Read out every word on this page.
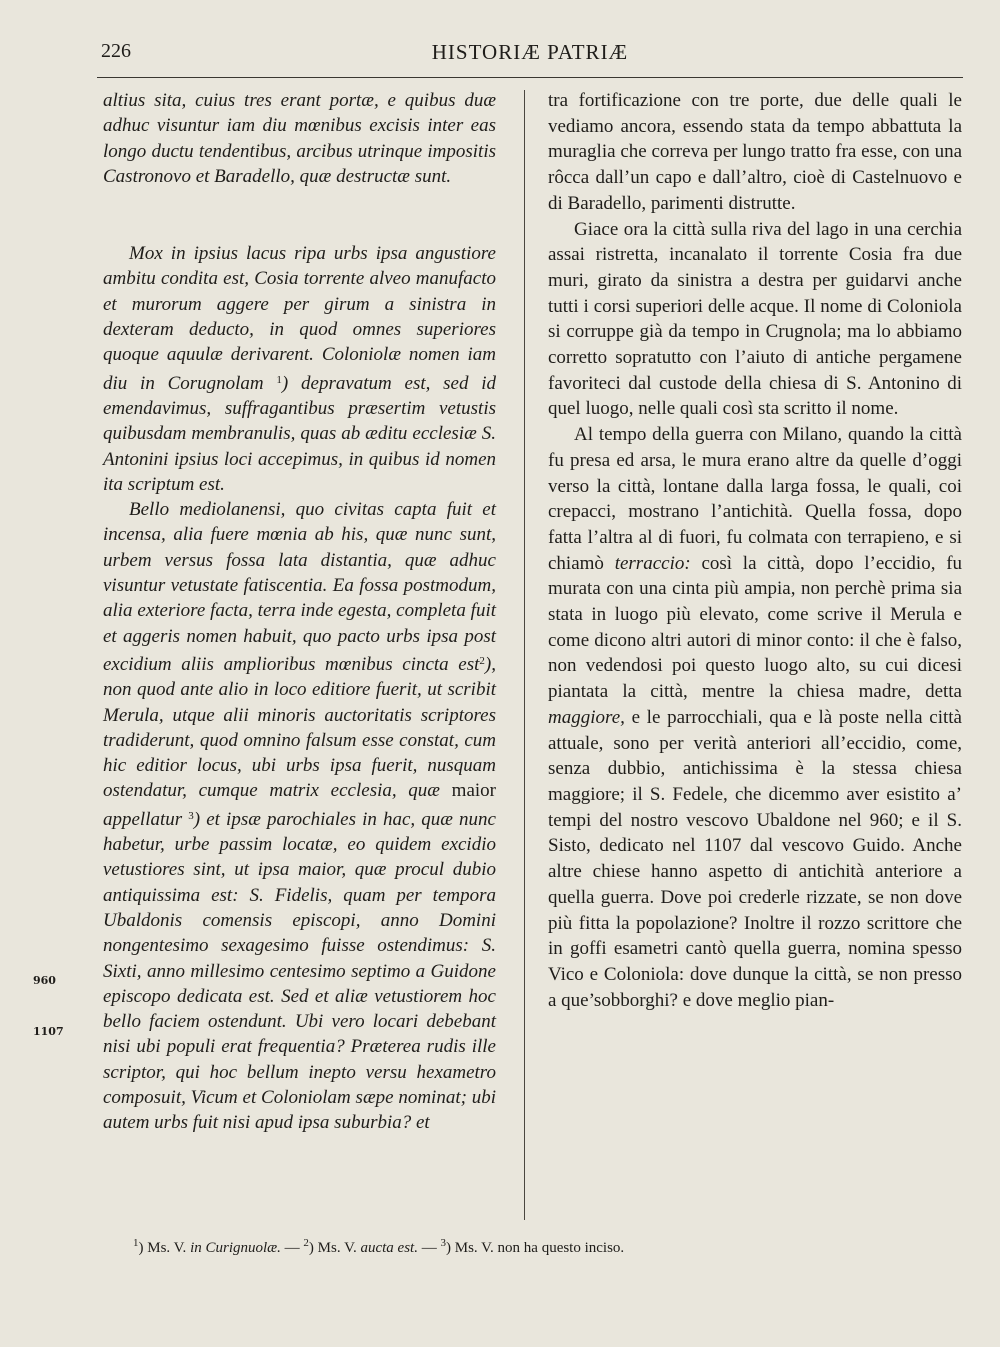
226	HISTORIÆ PATRIÆ

altius sita, cuius tres erant portæ, e quibus duæ adhuc visuntur iam diu mœnibus excisis inter eas longo ductu tendentibus, arcibus utrinque impositis Castronovo et Baradello, quæ destructæ sunt.

Mox in ipsius lacus ripa urbs ipsa angustiore ambitu condita est, Cosia torrente alveo manufacto et murorum aggere per girum a sinistra in dexteram deducto, in quod omnes superiores quoque aquulæ derivarent. Coloniolæ nomen iam diu in Corugnolam $^1$) depravatum est, sed id emendavimus, suffragantibus præsertim vetustis quibusdam membranulis, quas ab æditu ecclesiæ S. Antonini ipsius loci accepimus, in quibus id nomen ita scriptum est.

Bello mediolanensi, quo civitas capta fuit et incensa, alia fuere mœnia ab his, quæ nunc sunt, urbem versus fossa lata distantia, quæ adhuc visuntur vetustate fatiscentia. Ea fossa postmodum, alia exteriore facta, terra inde egesta, completa fuit et aggeris nomen habuit, quo pacto urbs ipsa post excidium aliis amplioribus mœnibus cincta est$^2$), non quod ante alio in loco editiore fuerit, ut scribit Merula, utque alii minoris auctoritatis scriptores tradiderunt, quod omnino falsum esse constat, cum hic editior locus, ubi urbs ipsa fuerit, nusquam ostendatur, cumque matrix ecclesia, quæ maior appellatur $^3$) et ipsæ parochiales in hac, quæ nunc habetur, urbe passim locatæ, eo quidem excidio vetustiores sint, ut ipsa maior, quæ procul dubio antiquissima est: S. Fidelis, quam per tempora Ubaldonis comensis episcopi, anno Domini nongentesimo sexagesimo fuisse ostendimus: S. Sixti, anno millesimo centesimo septimo a Guidone episcopo dedicata est. Sed et aliæ vetustiorem hoc bello faciem ostendunt. Ubi vero locari debebant nisi ubi populi erat frequentia? Præterea rudis ille scriptor, qui hoc bellum inepto versu hexametro composuit, Vicum et Coloniolam sæpe nominat; ubi autem urbs fuit nisi apud ipsa suburbia? et

960
1107

tra fortificazione con tre porte, due delle quali le vediamo ancora, essendo stata da tempo abbattuta la muraglia che correva per lungo tratto fra esse, con una rôcca dall’un capo e dall’altro, cioè di Castelnuovo e di Baradello, parimenti distrutte.

Giace ora la città sulla riva del lago in una cerchia assai ristretta, incanalato il torrente Cosia fra due muri, girato da sinistra a destra per guidarvi anche tutti i corsi superiori delle acque. Il nome di Coloniola si corruppe già da tempo in Crugnola; ma lo abbiamo corretto sopratutto con l’aiuto di antiche pergamene favoriteci dal custode della chiesa di S. Antonino di quel luogo, nelle quali così sta scritto il nome.

Al tempo della guerra con Milano, quando la città fu presa ed arsa, le mura erano altre da quelle d’oggi verso la città, lontane dalla larga fossa, le quali, coi crepacci, mostrano l’antichità. Quella fossa, dopo fatta l’altra al di fuori, fu colmata con terrapieno, e si chiamò terraccio: così la città, dopo l’eccidio, fu murata con una cinta più ampia, non perchè prima sia stata in luogo più elevato, come scrive il Merula e come dicono altri autori di minor conto: il che è falso, non vedendosi poi questo luogo alto, su cui dicesi piantata la città, mentre la chiesa madre, detta maggiore, e le parrocchiali, qua e là poste nella città attuale, sono per verità anteriori all’eccidio, come, senza dubbio, antichissima è la stessa chiesa maggiore; il S. Fedele, che dicemmo aver esistito a’ tempi del nostro vescovo Ubaldone nel 960; e il S. Sisto, dedicato nel 1107 dal vescovo Guido. Anche altre chiese hanno aspetto di antichità anteriore a quella guerra. Dove poi crederle rizzate, se non dove più fitta la popolazione? Inoltre il rozzo scrittore che in goffi esametri cantò quella guerra, nomina spesso Vico e Coloniola: dove dunque la città, se non presso a que’sobborghi? e dove meglio pian-

$^1$) Ms. V. in Curignuolæ. — $^2$) Ms. V. aucta est. — $^3$) Ms. V. non ha questo inciso.
